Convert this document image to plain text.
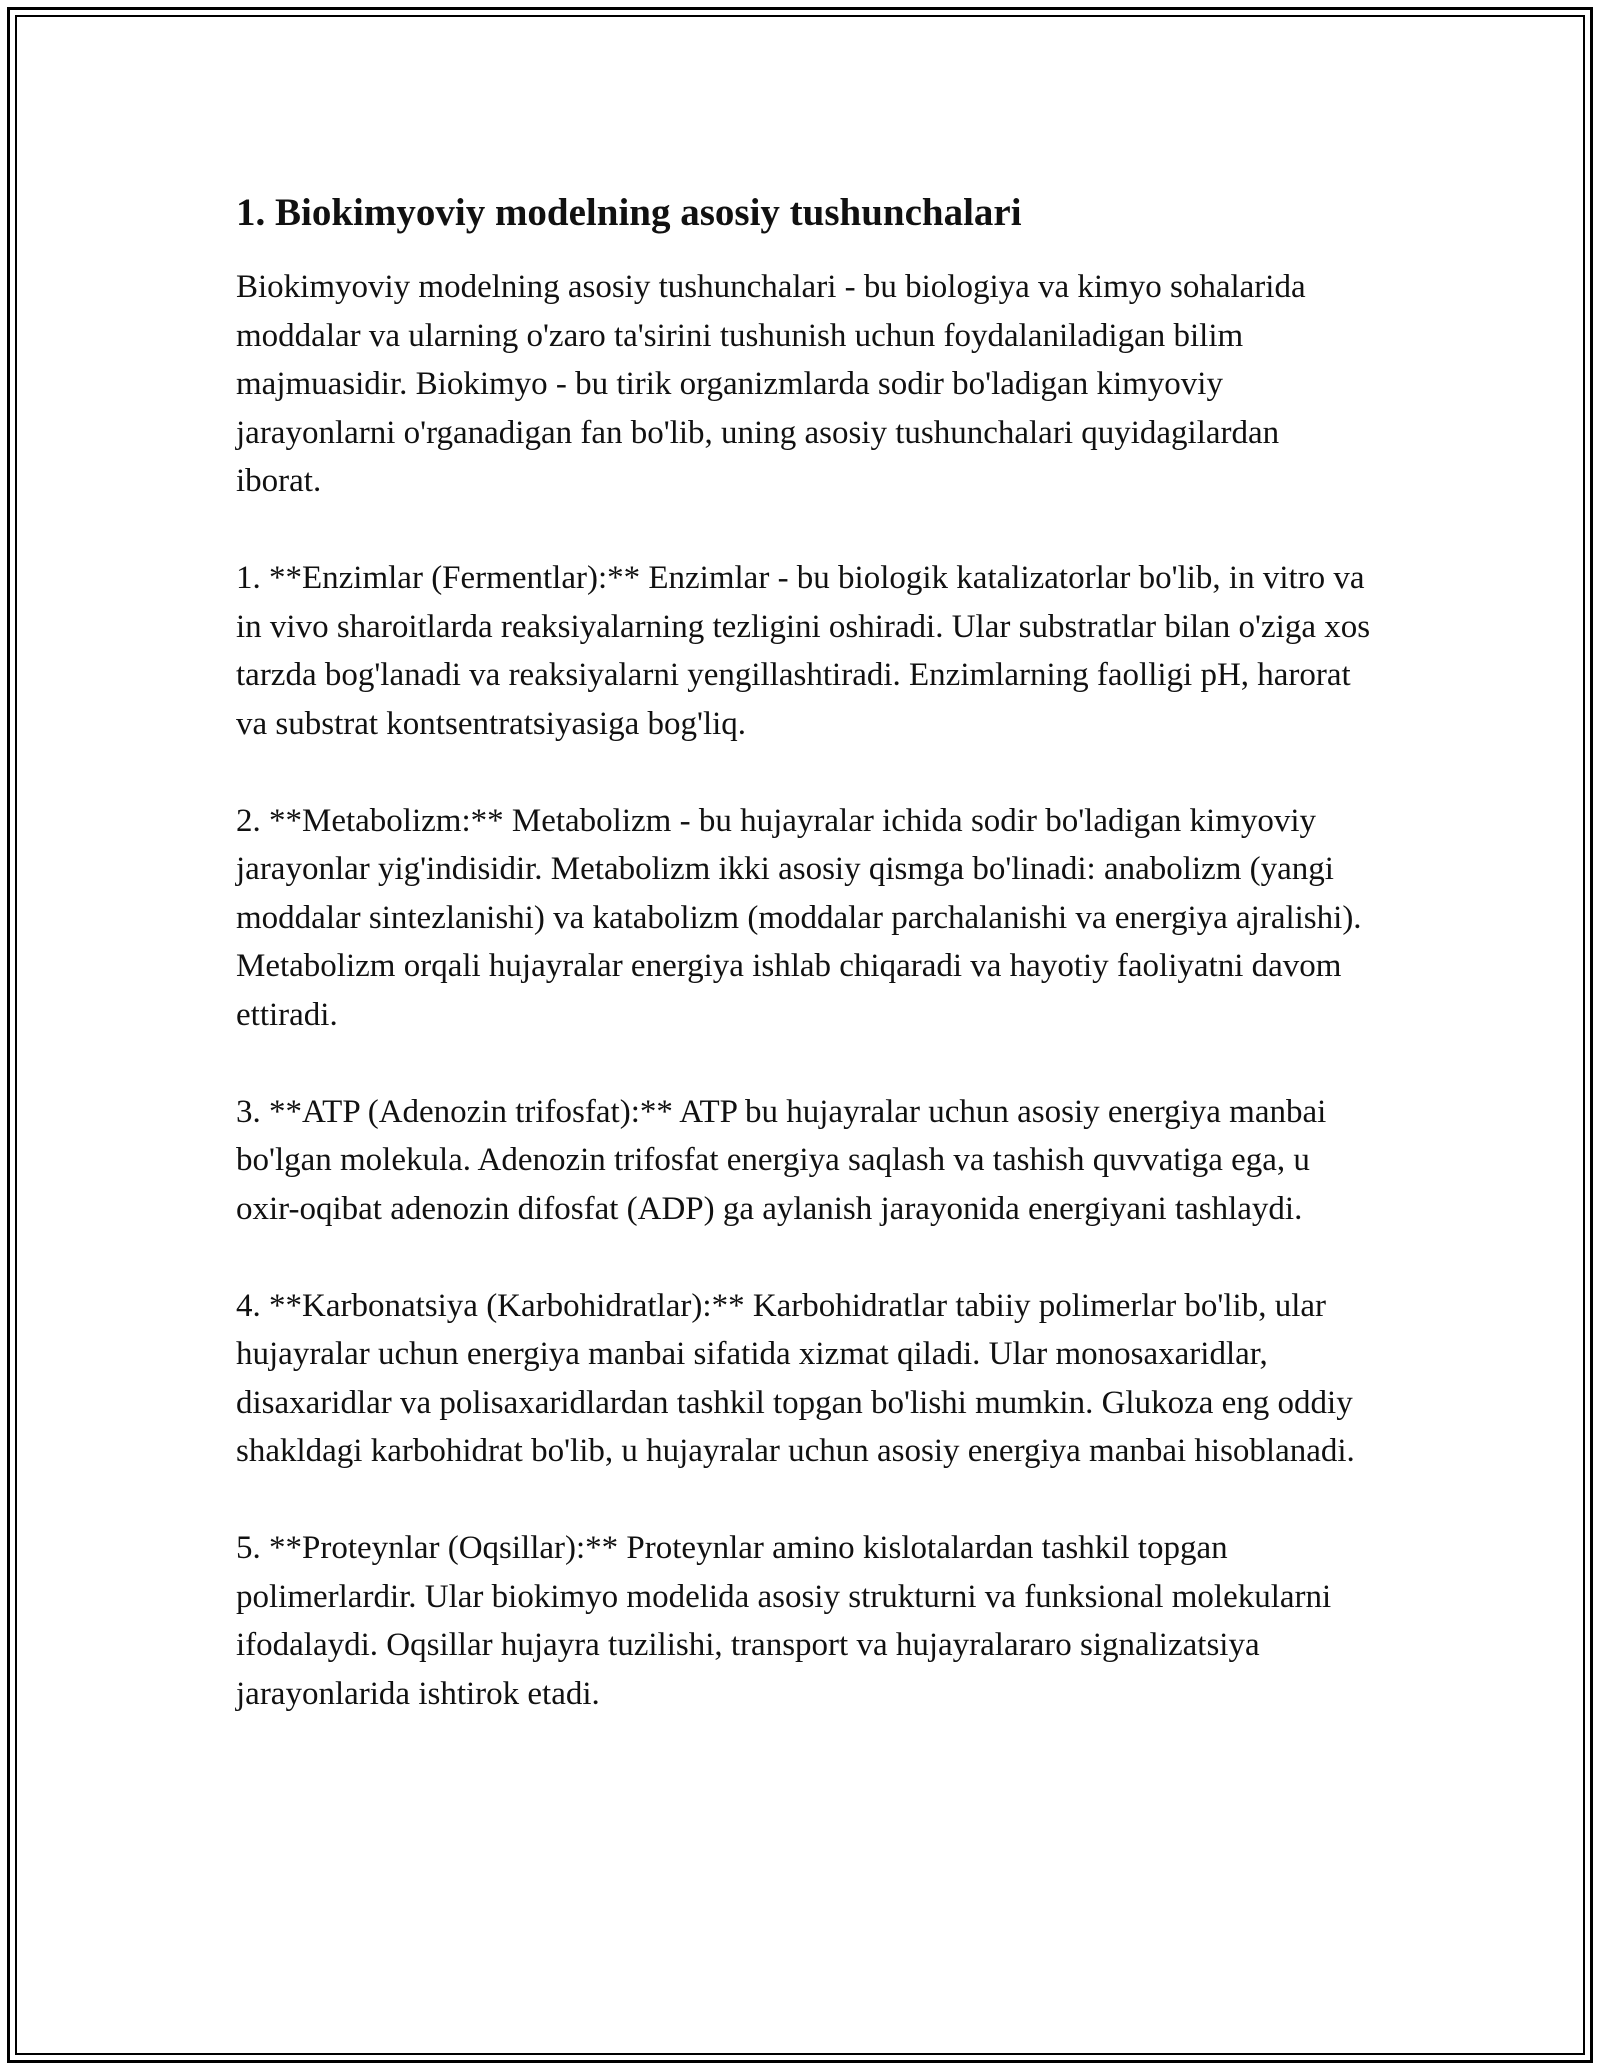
1. Biokimyoviy modelning asosiy tushunchalari

Biokimyoviy modelning asosiy tushunchalari - bu biologiya va kimyo sohalarida moddalar va ularning o'zaro ta'sirini tushunish uchun foydalaniladigan bilim majmuasidir. Biokimyo - bu tirik organizmlarda sodir bo'ladigan kimyoviy jarayonlarni o'rganadigan fan bo'lib, uning asosiy tushunchalari quyidagilardan iborat.

1. **Enzimlar (Fermentlar):** Enzimlar - bu biologik katalizatorlar bo'lib, in vitro va in vivo sharoitlarda reaksiyalarning tezligini oshiradi. Ular substratlar bilan o'ziga xos tarzda bog'lanadi va reaksiyalarni yengillashtiradi. Enzimlarning faolligi pH, harorat va substrat kontsentratsiyasiga bog'liq.

2. **Metabolizm:** Metabolizm - bu hujayralar ichida sodir bo'ladigan kimyoviy jarayonlar yig'indisidir. Metabolizm ikki asosiy qismga bo'linadi: anabolizm (yangi moddalar sintezlanishi) va katabolizm (moddalar parchalanishi va energiya ajralishi). Metabolizm orqali hujayralar energiya ishlab chiqaradi va hayotiy faoliyatni davom ettiradi.

3. **ATP (Adenozin trifosfat):** ATP bu hujayralar uchun asosiy energiya manbai bo'lgan molekula. Adenozin trifosfat energiya saqlash va tashish quvvatiga ega, u oxir-oqibat adenozin difosfat (ADP) ga aylanish jarayonida energiyani tashlaydi.

4. **Karbonatsiya (Karbohidratlar):** Karbohidratlar tabiiy polimerlar bo'lib, ular hujayralar uchun energiya manbai sifatida xizmat qiladi. Ular monosaxaridlar, disaxaridlar va polisaxaridlardan tashkil topgan bo'lishi mumkin. Glukoza eng oddiy shakldagi karbohidrat bo'lib, u hujayralar uchun asosiy energiya manbai hisoblanadi.

5. **Proteynlar (Oqsillar):** Proteynlar amino kislotalardan tashkil topgan polimerlardir. Ular biokimyo modelida asosiy strukturni va funksional molekularni ifodalaydi. Oqsillar hujayra tuzilishi, transport va hujayralararo signalizatsiya jarayonlarida ishtirok etadi.
